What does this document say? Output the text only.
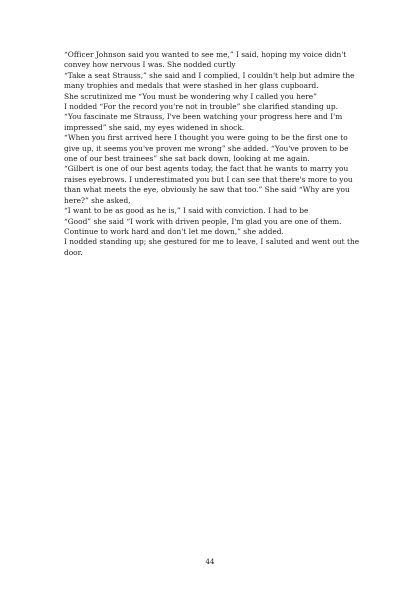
“Officer Johnson said you wanted to see me,” I said, hoping my voice didn't convey how nervous I was. She nodded curtly

“Take a seat Strauss,” she said and I complied, I couldn't help but admire the many trophies and medals that were stashed in her glass cupboard.

She scrutinized me “You must be wondering why I called you here”

I nodded “For the record you're not in trouble” she clarified standing up.

“You fascinate me Strauss, I've been watching your progress here and I'm impressed” she said, my eyes widened in shock.

“When you first arrived here I thought you were going to be the first one to give up, it seems you've proven me wrong” she added. “You've proven to be one of our best trainees” she sat back down, looking at me again.

“Gilbert is one of our best agents today, the fact that he wants to marry you raises eyebrows. I underestimated you but I can see that there's more to you than what meets the eye, obviously he saw that too.” She said “Why are you here?” she asked,

“I want to be as good as he is,” I said with conviction. I had to be

“Good” she said “I work with driven people, I'm glad you are one of them. Continue to work hard and don't let me down,” she added.

I nodded standing up; she gestured for me to leave, I saluted and went out the door.

44
